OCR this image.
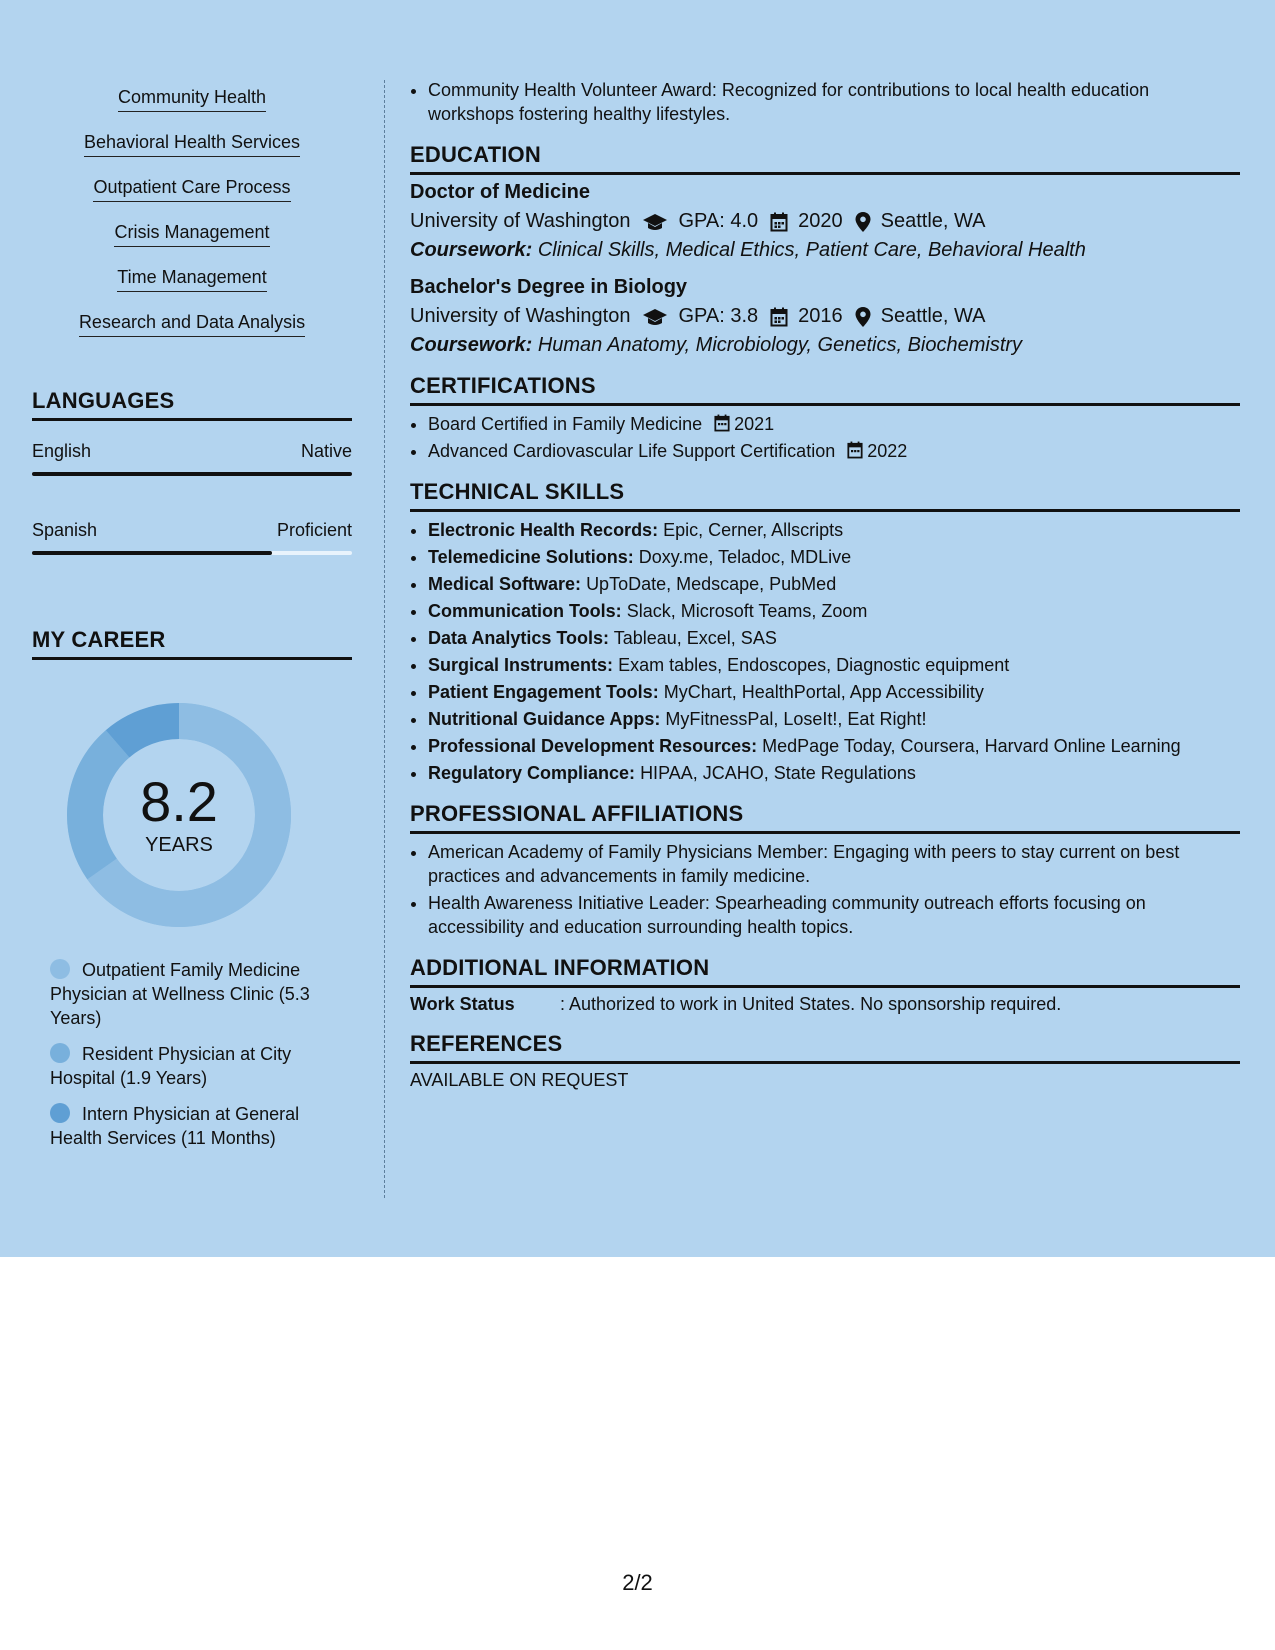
Community Health
Behavioral Health Services
Outpatient Care Process
Crisis Management
Time Management
Research and Data Analysis
LANGUAGES
English	Native
Spanish	Proficient
MY CAREER
8.2
YEARS
Outpatient Family Medicine Physician at Wellness Clinic (5.3 Years)
Resident Physician at City Hospital (1.9 Years)
Intern Physician at General Health Services (11 Months)
• Community Health Volunteer Award: Recognized for contributions to local health education workshops fostering healthy lifestyles.
EDUCATION
Doctor of Medicine
University of Washington GPA: 4.0 2020 Seattle, WA
Coursework: Clinical Skills, Medical Ethics, Patient Care, Behavioral Health
Bachelor's Degree in Biology
University of Washington GPA: 3.8 2016 Seattle, WA
Coursework: Human Anatomy, Microbiology, Genetics, Biochemistry
CERTIFICATIONS
• Board Certified in Family Medicine 2021
• Advanced Cardiovascular Life Support Certification 2022
TECHNICAL SKILLS
• Electronic Health Records: Epic, Cerner, Allscripts
• Telemedicine Solutions: Doxy.me, Teladoc, MDLive
• Medical Software: UpToDate, Medscape, PubMed
• Communication Tools: Slack, Microsoft Teams, Zoom
• Data Analytics Tools: Tableau, Excel, SAS
• Surgical Instruments: Exam tables, Endoscopes, Diagnostic equipment
• Patient Engagement Tools: MyChart, HealthPortal, App Accessibility
• Nutritional Guidance Apps: MyFitnessPal, LoseIt!, Eat Right!
• Professional Development Resources: MedPage Today, Coursera, Harvard Online Learning
• Regulatory Compliance: HIPAA, JCAHO, State Regulations
PROFESSIONAL AFFILIATIONS
• American Academy of Family Physicians Member: Engaging with peers to stay current on best practices and advancements in family medicine.
• Health Awareness Initiative Leader: Spearheading community outreach efforts focusing on accessibility and education surrounding health topics.
ADDITIONAL INFORMATION
Work Status	: Authorized to work in United States. No sponsorship required.
REFERENCES
AVAILABLE ON REQUEST
2/2
